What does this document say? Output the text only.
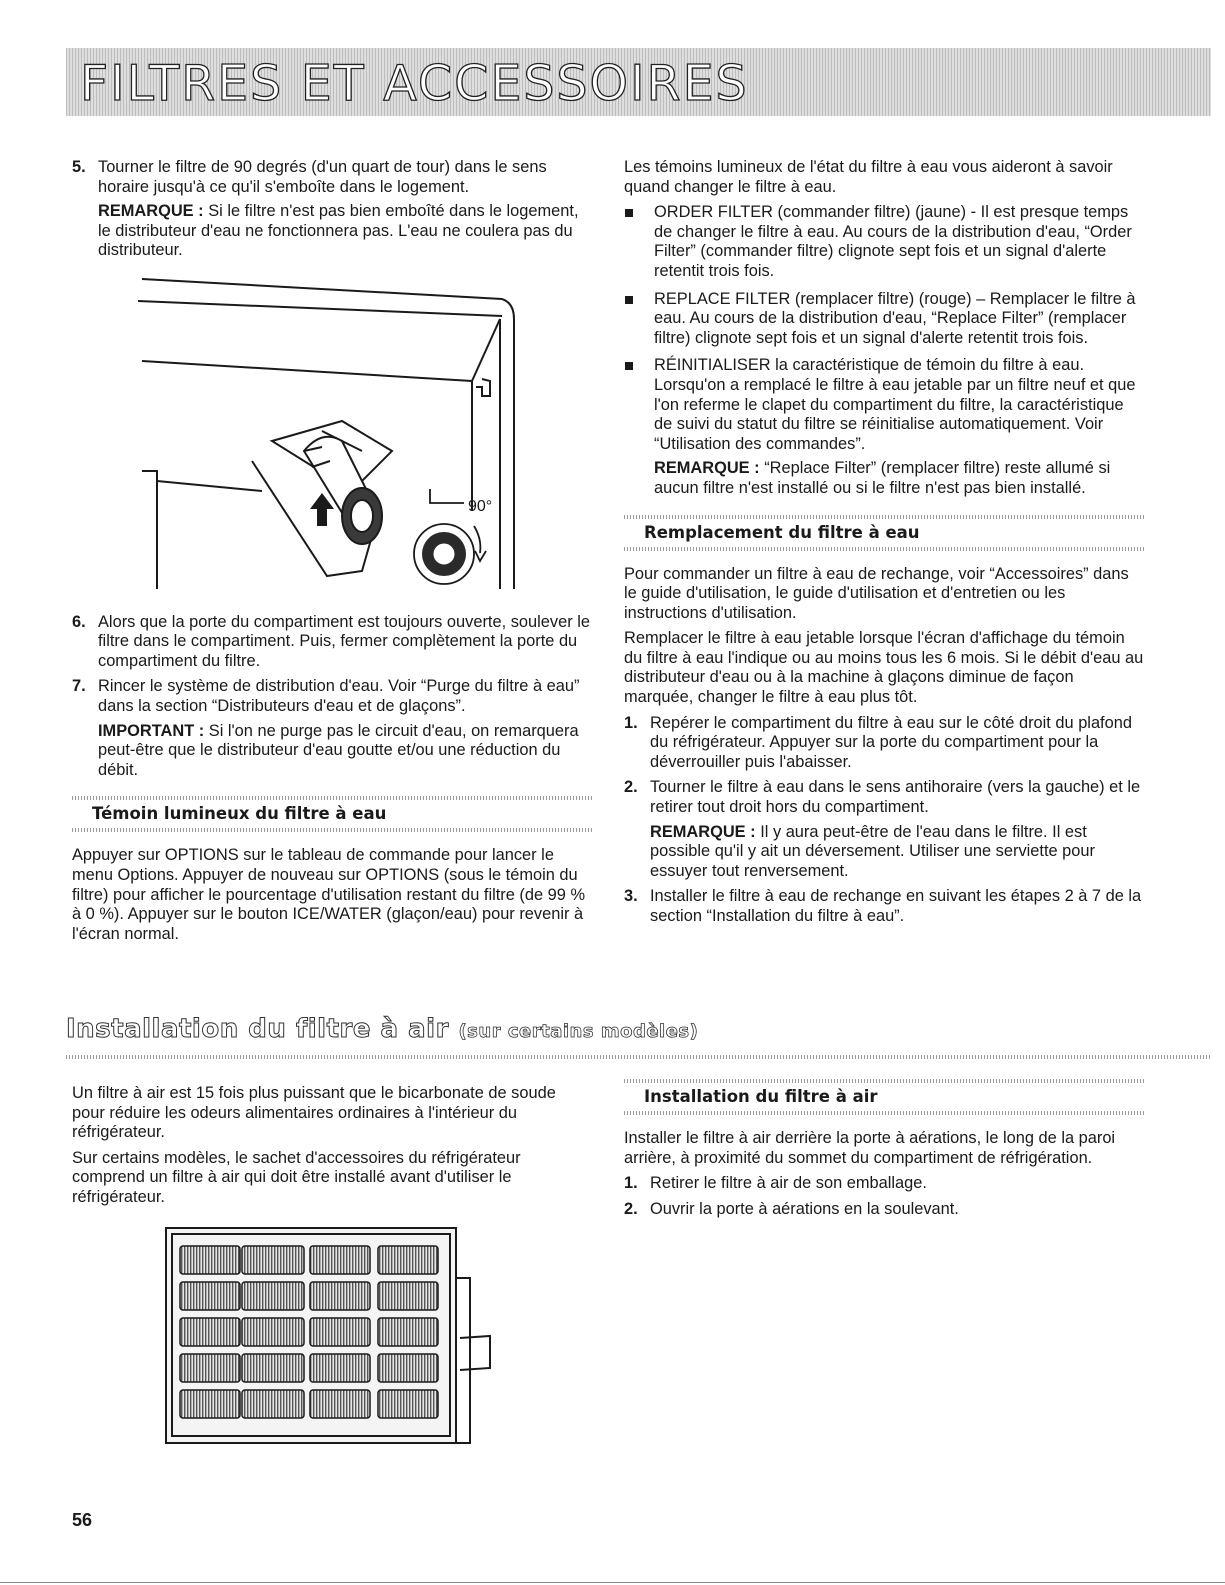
FILTRES ET ACCESSOIRES
5. Tourner le filtre de 90 degrés (d'un quart de tour) dans le sens horaire jusqu'à ce qu'il s'emboîte dans le logement.

REMARQUE : Si le filtre n'est pas bien emboîté dans le logement, le distributeur d'eau ne fonctionnera pas. L'eau ne coulera pas du distributeur.

90°
6. Alors que la porte du compartiment est toujours ouverte, soulever le filtre dans le compartiment. Puis, fermer complètement la porte du compartiment du filtre.
7. Rincer le système de distribution d'eau. Voir “Purge du filtre à eau” dans la section “Distributeurs d'eau et de glaçons”.

IMPORTANT : Si l'on ne purge pas le circuit d'eau, on remarquera peut-être que le distributeur d'eau goutte et/ou une réduction du débit.

Témoin lumineux du filtre à eau

Appuyer sur OPTIONS sur le tableau de commande pour lancer le menu Options. Appuyer de nouveau sur OPTIONS (sous le témoin du filtre) pour afficher le pourcentage d'utilisation restant du filtre (de 99 % à 0 %). Appuyer sur le bouton ICE/WATER (glaçon/eau) pour revenir à l'écran normal.

Les témoins lumineux de l'état du filtre à eau vous aideront à savoir quand changer le filtre à eau.

ORDER FILTER (commander filtre) (jaune) - Il est presque temps de changer le filtre à eau. Au cours de la distribution d'eau, “Order Filter” (commander filtre) clignote sept fois et un signal d'alerte retentit trois fois.
REPLACE FILTER (remplacer filtre) (rouge) – Remplacer le filtre à eau. Au cours de la distribution d'eau, “Replace Filter” (remplacer filtre) clignote sept fois et un signal d'alerte retentit trois fois.
RÉINITIALISER la caractéristique de témoin du filtre à eau. Lorsqu'on a remplacé le filtre à eau jetable par un filtre neuf et que l'on referme le clapet du compartiment du filtre, la caractéristique de suivi du statut du filtre se réinitialise automatiquement. Voir “Utilisation des commandes”.

REMARQUE : “Replace Filter” (remplacer filtre) reste allumé si aucun filtre n'est installé ou si le filtre n'est pas bien installé.

Remplacement du filtre à eau

Pour commander un filtre à eau de rechange, voir “Accessoires” dans le guide d'utilisation, le guide d'utilisation et d'entretien ou les instructions d'utilisation.

Remplacer le filtre à eau jetable lorsque l'écran d'affichage du témoin du filtre à eau l'indique ou au moins tous les 6 mois. Si le débit d'eau au distributeur d'eau ou à la machine à glaçons diminue de façon marquée, changer le filtre à eau plus tôt.

1. Repérer le compartiment du filtre à eau sur le côté droit du plafond du réfrigérateur. Appuyer sur la porte du compartiment pour la déverrouiller puis l'abaisser.
2. Tourner le filtre à eau dans le sens antihoraire (vers la gauche) et le retirer tout droit hors du compartiment.

REMARQUE : Il y aura peut-être de l'eau dans le filtre. Il est possible qu'il y ait un déversement. Utiliser une serviette pour essuyer tout renversement.

3. Installer le filtre à eau de rechange en suivant les étapes 2 à 7 de la section “Installation du filtre à eau”.
Installation du filtre à air (sur certains modèles)

Un filtre à air est 15 fois plus puissant que le bicarbonate de soude pour réduire les odeurs alimentaires ordinaires à l'intérieur du réfrigérateur.

Sur certains modèles, le sachet d'accessoires du réfrigérateur comprend un filtre à air qui doit être installé avant d'utiliser le réfrigérateur.

Installation du filtre à air

Installer le filtre à air derrière la porte à aérations, le long de la paroi arrière, à proximité du sommet du compartiment de réfrigération.

1. Retirer le filtre à air de son emballage.
2. Ouvrir la porte à aérations en la soulevant.
56
